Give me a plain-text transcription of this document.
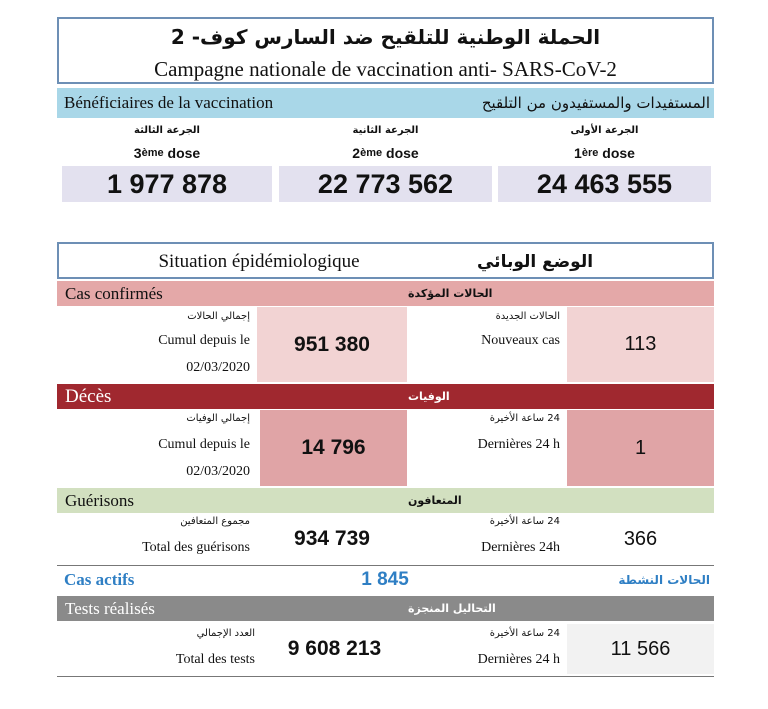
الحملة الوطنية للتلقيح ضد السارس كوف- 2
Campagne nationale de vaccination anti- SARS-CoV-2
Bénéficiaires de la vaccination	المستفيدات والمستفيدون من التلقيح
الجرعة الثالثة
3 ème
dose
1 977 878
الجرعة الثانية
2 ème
dose
22 773 562
الجرعة الأولى
1 ère
dose
24 463 555
Situation épidémiologique	الوضع الوبائي
Cas confirmés	الحالات المؤكدة
إجمالي الحالات
Cumul depuis le
02/03/2020
951 380
الحالات الجديدة
Nouveaux cas	113
Décès	الوفيات
إجمالي الوفيات
Cumul depuis le
02/03/2020
14 796
24 ساعة الأخيرة
Dernières 24 h	1
Guérisons	المتعافون
مجموع المتعافين
Total des guérisons	934 739
24 ساعة الأخيرة
Dernières 24h	366
Cas actifs	1 845	الحالات النشطة
Tests réalisés	التحاليل المنجزة
العدد الإجمالي
Total des tests	9 608 213
24 ساعة الأخيرة
Dernières 24 h	11 566
